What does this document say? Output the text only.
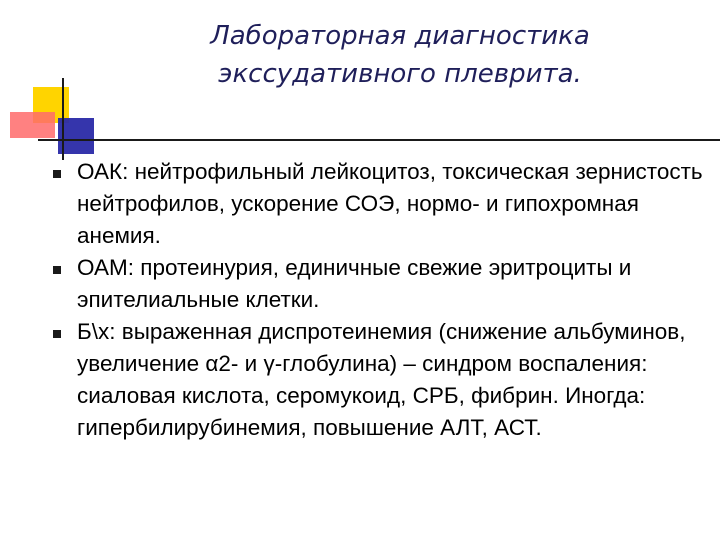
Лабораторная диагностика
экссудативного плеврита.
ОАК: нейтрофильный лейкоцитоз, токсическая зернистость нейтрофилов, ускорение СОЭ, нормо- и гипохромная анемия.
ОАМ: протеинурия, единичные свежие эритроциты и эпителиальные клетки.
Б\х: выраженная диспротеинемия (снижение альбуминов, увеличение α2- и γ-глобулина) – синдром воспаления: сиаловая кислота, серомукоид, СРБ, фибрин. Иногда: гипербилирубинемия, повышение АЛТ, АСТ.
